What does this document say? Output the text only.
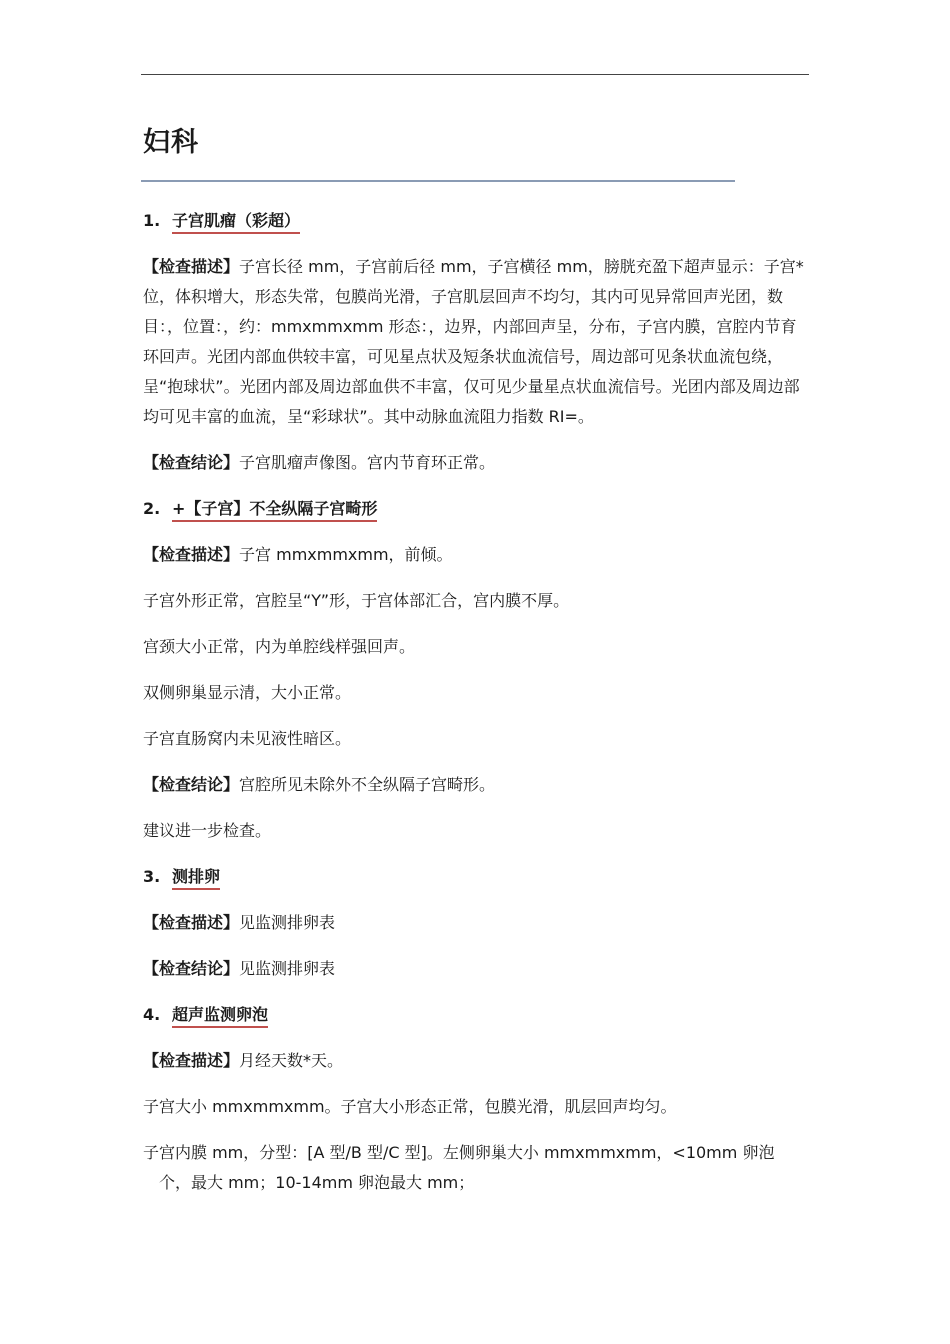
妇科
1. 子宫肌瘤（彩超）

【检查描述】子宫长径 mm，子宫前后径 mm，子宫横径 mm，膀胱充盈下超声显示：子宫*位，体积增大，形态失常，包膜尚光滑，子宫肌层回声不均匀，其内可见异常回声光团，数目：，位置：，约：mmxmmxmm 形态：，边界，内部回声呈，分布，子宫内膜，宫腔内节育环回声。光团内部血供较丰富，可见星点状及短条状血流信号，周边部可见条状血流包绕，呈“抱球状”。光团内部及周边部血供不丰富，仅可见少量星点状血流信号。光团内部及周边部均可见丰富的血流，呈“彩球状”。其中动脉血流阻力指数 RI=。

【检查结论】子宫肌瘤声像图。宫内节育环正常。

2. +【子宫】不全纵隔子宫畸形

【检查描述】子宫 mmxmmxmm，前倾。

子宫外形正常，宫腔呈“Y”形，于宫体部汇合，宫内膜不厚。

宫颈大小正常，内为单腔线样强回声。

双侧卵巢显示清，大小正常。

子宫直肠窝内未见液性暗区。

【检查结论】宫腔所见未除外不全纵隔子宫畸形。

建议进一步检查。

3. 测排卵

【检查描述】见监测排卵表

【检查结论】见监测排卵表

4. 超声监测卵泡

【检查描述】月经天数*天。

子宫大小 mmxmmxmm。子宫大小形态正常，包膜光滑，肌层回声均匀。

子宫内膜 mm，分型：[A 型/B 型/C 型]。左侧卵巢大小 mmxmmxmm，<10mm 卵泡 个，最大 mm；10-14mm 卵泡最大 mm；
